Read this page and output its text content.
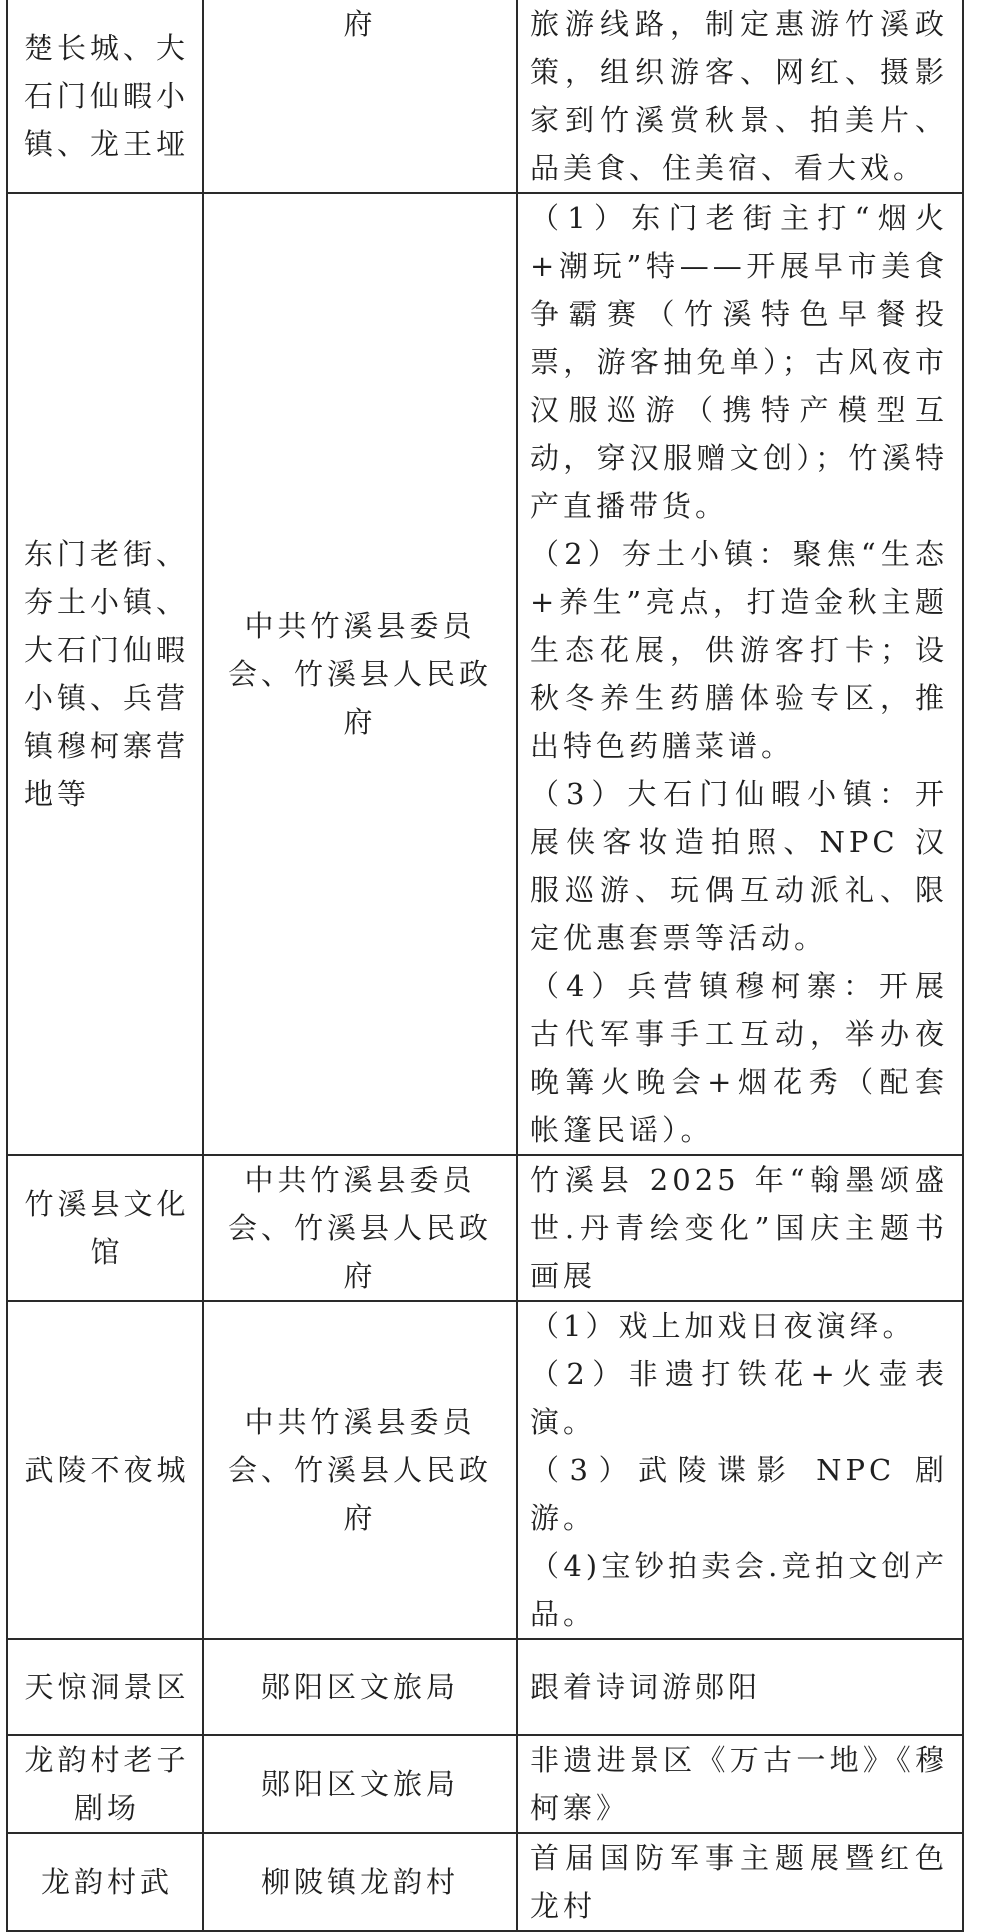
楚长城、大石门仙暇小镇、龙王垭	府	旅游线路，制定惠游竹溪政策，组织游客、网红、摄影家到竹溪赏秋景、拍美片、品美食、住美宿、看大戏。

东门老街、夯土小镇、大石门仙暇小镇、兵营镇穆柯寨营地等	中共竹溪县委员会、竹溪县人民政府	（1）东门老街主打“烟火+潮玩”特——开展早市美食争霸赛（竹溪特色早餐投票，游客抽免单）；古风夜市汉服巡游（携特产模型互动，穿汉服赠文创）；竹溪特产直播带货。
（2）夯土小镇：聚焦“生态+养生”亮点，打造金秋主题生态花展，供游客打卡；设秋冬养生药膳体验专区，推出特色药膳菜谱。
（3）大石门仙暇小镇：开展侠客妆造拍照、NPC 汉服巡游、玩偶互动派礼、限定优惠套票等活动。
（4）兵营镇穆柯寨：开展古代军事手工互动，举办夜晚篝火晚会+烟花秀（配套帐篷民谣）。

竹溪县文化馆	中共竹溪县委员会、竹溪县人民政府	竹溪县 2025 年“翰墨颂盛世.丹青绘变化”国庆主题书画展

武陵不夜城	中共竹溪县委员会、竹溪县人民政府	（1）戏上加戏日夜演绎。
（2）非遗打铁花+火壶表演。
（3）武陵谍影 NPC 剧游。
（4)宝钞拍卖会.竞拍文创产品。

天惊洞景区	郧阳区文旅局	跟着诗词游郧阳

龙韵村老子剧场	郧阳区文旅局	非遗进景区《万古一地》《穆柯寨》

龙韵村武	柳陂镇龙韵村	首届国防军事主题展暨红色龙村
